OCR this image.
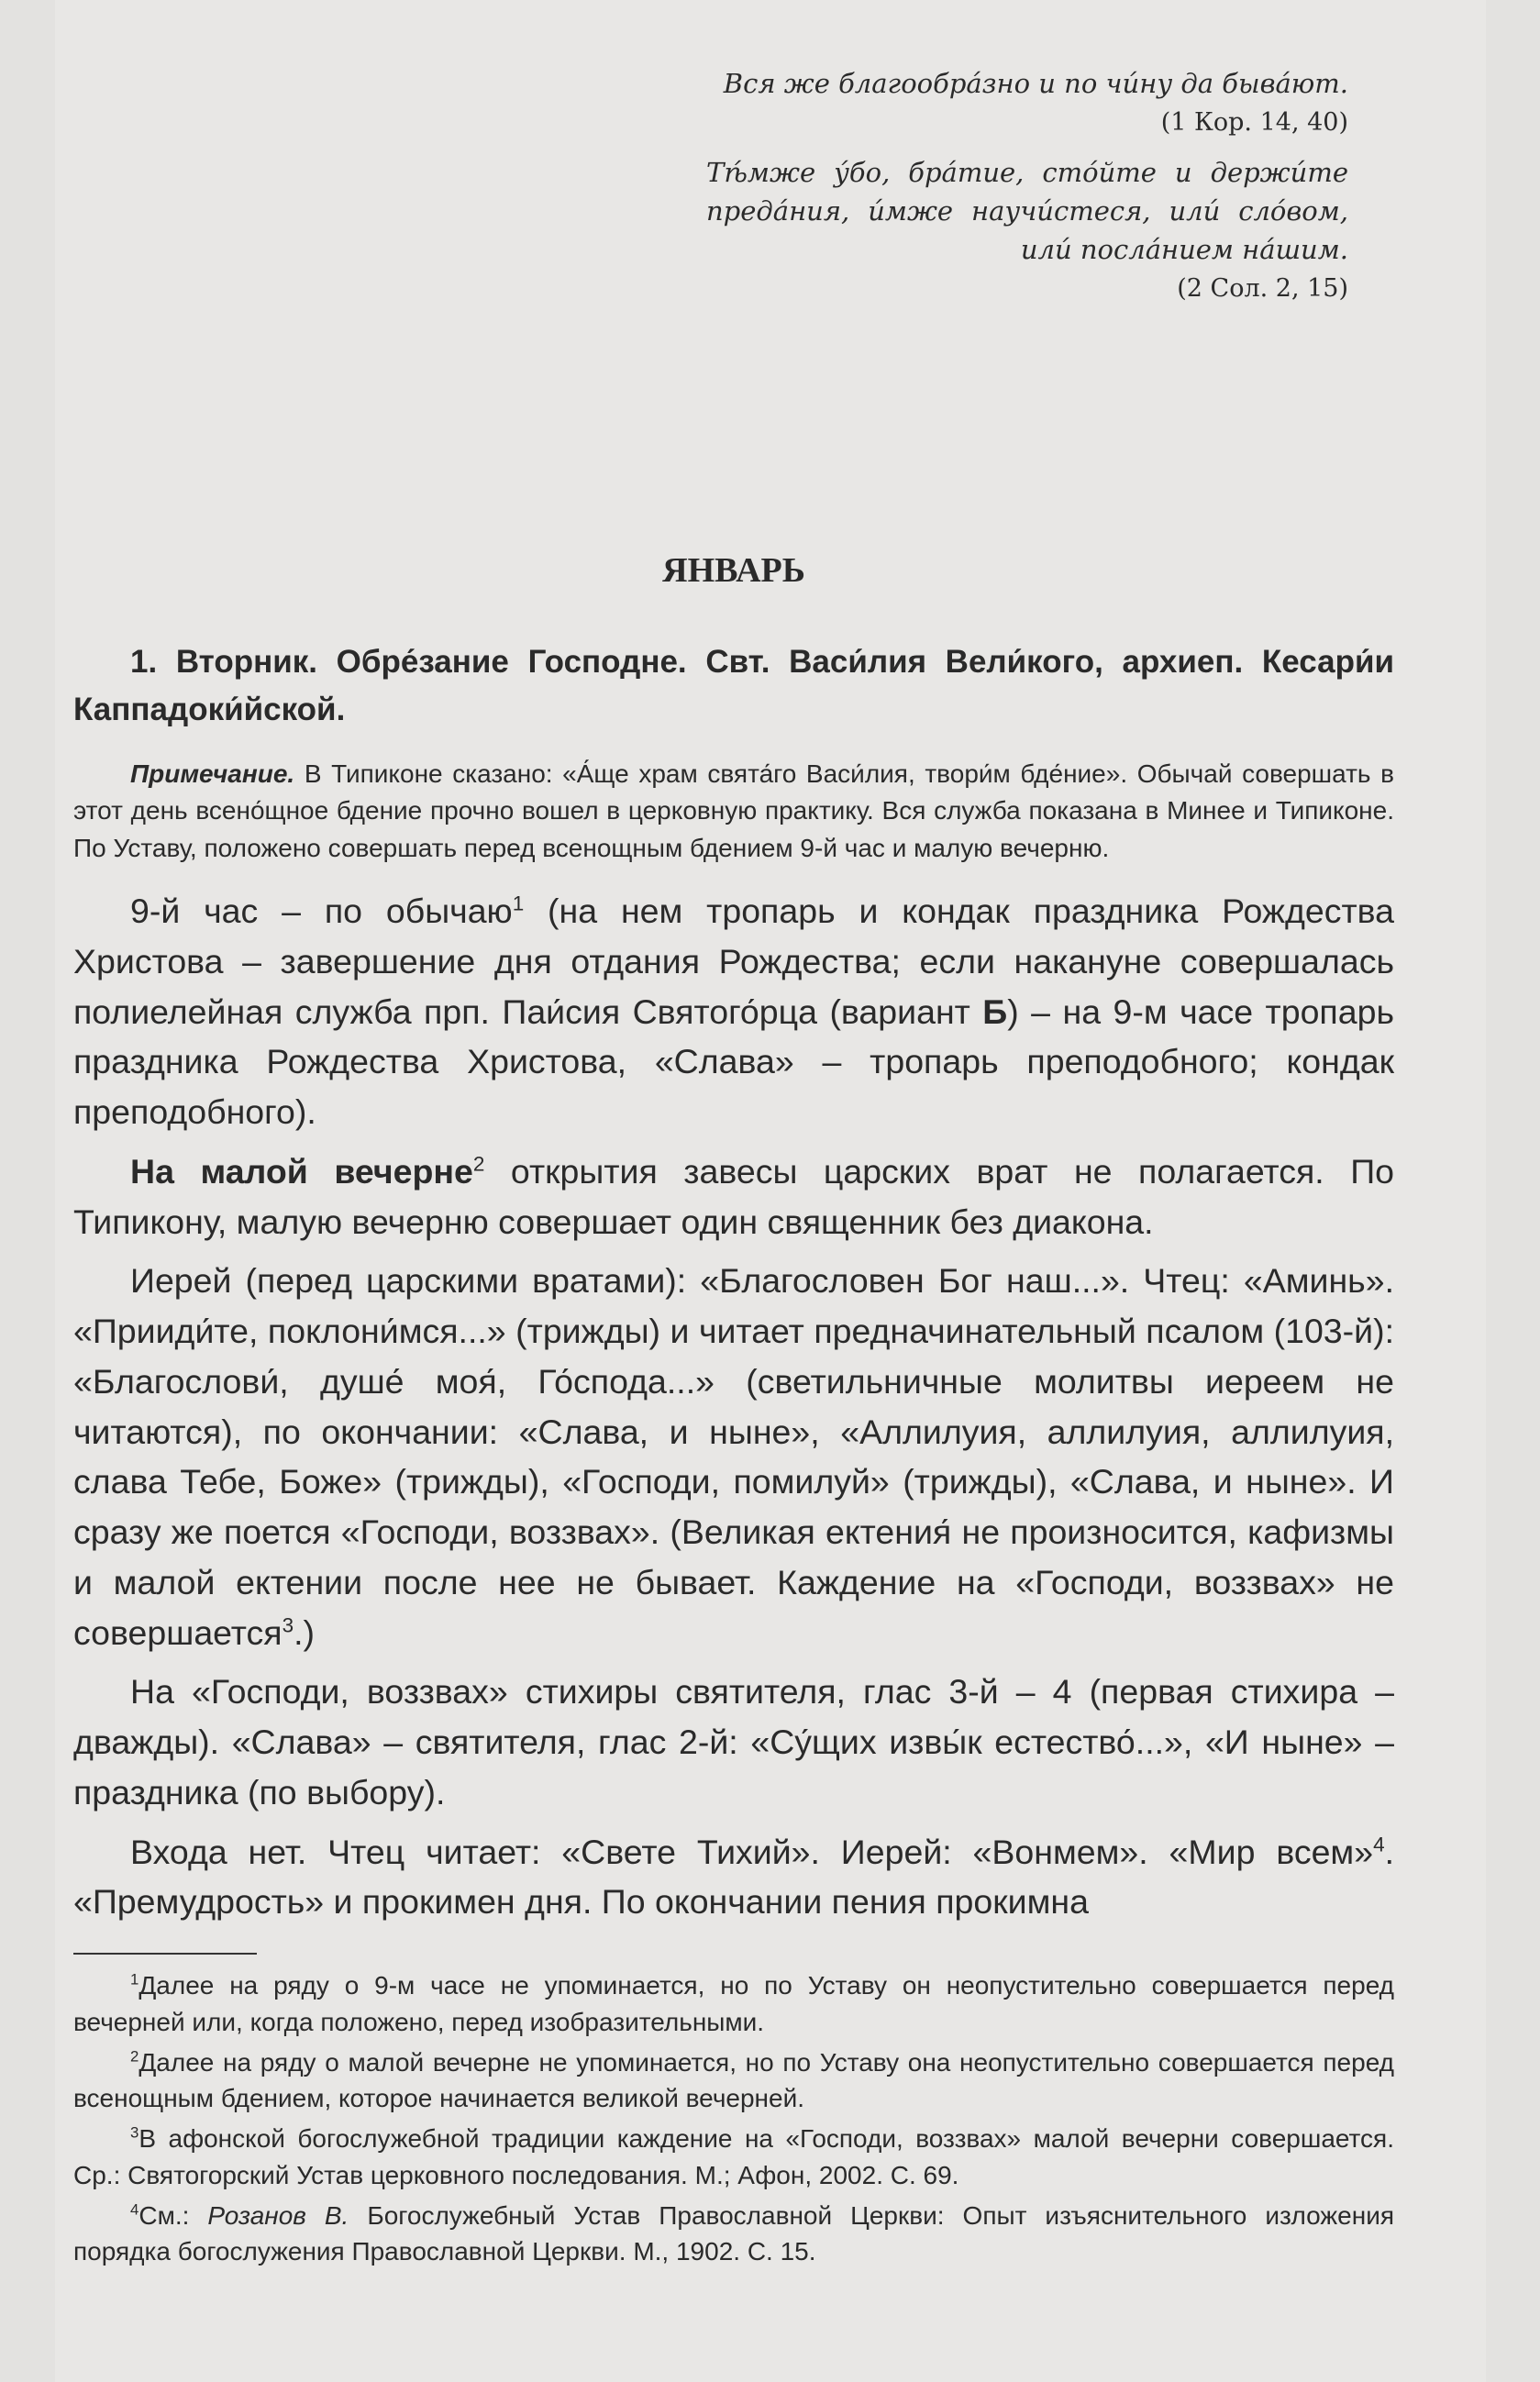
Вся же благообра́зно и по чи́ну да быва́ют.

(1 Кор. 14, 40)

Тѣ́мже у́бо, бра́тие, сто́йте и держи́те преда́ния, и́мже научи́стеся, или́ сло́вом, или́ посла́нием на́шим.

(2 Сол. 2, 15)

ЯНВАРЬ

1. Вторник. Обре́зание Господне. Свт. Васи́лия Вели́кого, архиеп. Кесари́и Каппадоки́йской.

Примечание. В Типиконе сказано: «А́ще храм свята́го Васи́лия, твори́м бде́ние». Обычай совершать в этот день всено́щное бдение прочно вошел в церковную практику. Вся служба показана в Минее и Типиконе. По Уставу, положено совершать перед всенощным бдением 9-й час и малую вечерню.

9-й час – по обычаю$^1$ (на нем тропарь и кондак праздника Рождества Христова – завершение дня отдания Рождества; если накануне совершалась полиелейная служба прп. Паи́сия Святого́рца (вариант Б) – на 9-м часе тропарь праздника Рождества Христова, «Слава» – тропарь преподобного; кондак преподобного).

На малой вечерне$^2$ открытия завесы царских врат не полагается. По Типикону, малую вечерню совершает один священник без диакона.

Иерей (перед царскими вратами): «Благословен Бог наш...». Чтец: «Аминь». «Прииди́те, поклони́мся...» (трижды) и читает предначинательный псалом (103-й): «Благослови́, душе́ моя́, Го́спода...» (светильничные молитвы иереем не читаются), по окончании: «Слава, и ныне», «Аллилуия, аллилуия, аллилуия, слава Тебе, Боже» (трижды), «Господи, помилуй» (трижды), «Слава, и ныне». И сразу же поется «Господи, воззвах». (Великая ектения́ не произносится, кафизмы и малой ектении после нее не бывает. Каждение на «Господи, воззвах» не совершается$^3$.)

На «Господи, воззвах» стихиры святителя, глас 3-й – 4 (первая стихира – дважды). «Слава» – святителя, глас 2-й: «Су́щих извы́к естество́...», «И ныне» – праздника (по выбору).

Входа нет. Чтец читает: «Свете Тихий». Иерей: «Вонмем». «Мир всем»$^4$. «Премудрость» и прокимен дня. По окончании пения прокимна

$^1$Далее на ряду о 9-м часе не упоминается, но по Уставу он неопустительно совершается перед вечерней или, когда положено, перед изобразительными.

$^2$Далее на ряду о малой вечерне не упоминается, но по Уставу она неопустительно совершается перед всенощным бдением, которое начинается великой вечерней.

$^3$В афонской богослужебной традиции каждение на «Господи, воззвах» малой вечерни совершается. Ср.: Святогорский Устав церковного последования. М.; Афон, 2002. С. 69.

$^4$См.: Розанов В. Богослужебный Устав Православной Церкви: Опыт изъяснительного изложения порядка богослужения Православной Церкви. М., 1902. С. 15.
